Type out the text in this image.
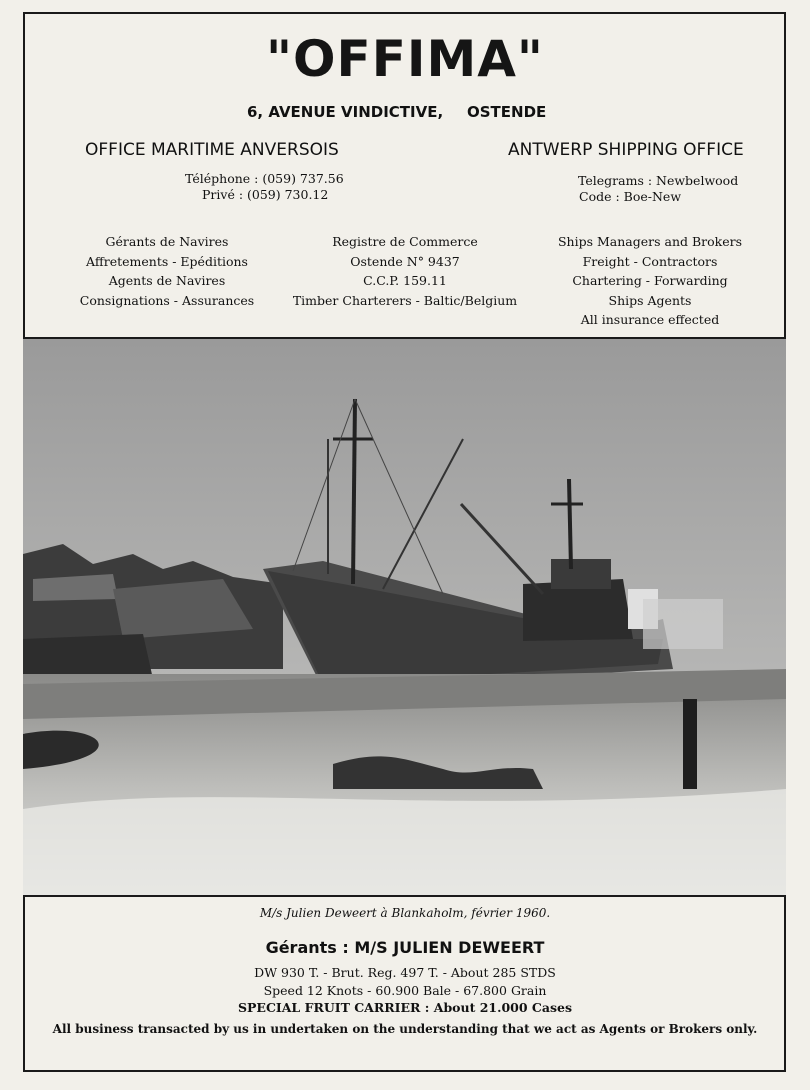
"OFFIMA"
6, AVENUE VINDICTIVE, OSTENDE
OFFICE MARITIME ANVERSOIS	ANTWERP SHIPPING OFFICE
Téléphone : (059) 737.56
Privé : (059) 730.12
Telegrams : Newbelwood
Code : Boe-New
Gérants de Navires
Affretements - Epéditions
Agents de Navires
Consignations - Assurances
Registre de Commerce
Ostende N° 9437
C.C.P. 159.11
Timber Charterers - Baltic/Belgium
Ships Managers and Brokers
Freight - Contractors
Chartering - Forwarding
Ships Agents
All insurance effected
M/s Julien Deweert à Blankaholm, février 1960.
Gérants : M/S JULIEN DEWEERT
DW 930 T. - Brut. Reg. 497 T. - About 285 STDS
Speed 12 Knots - 60.900 Bale - 67.800 Grain
SPECIAL FRUIT CARRIER : About 21.000 Cases
All business transacted by us in undertaken on the understanding that we act as Agents or Brokers only.
